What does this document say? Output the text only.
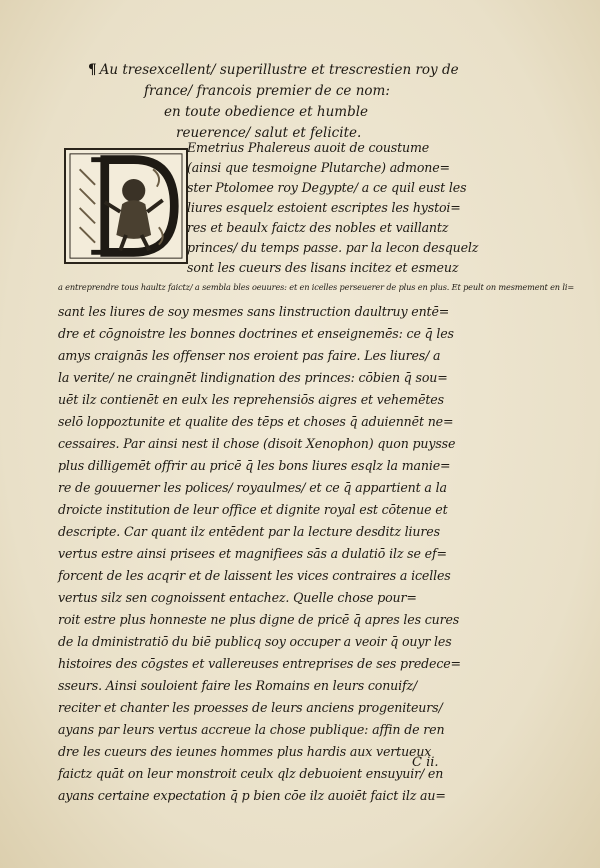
¶ Au tresexcellent/ superillustre et trescrestien roy de
france/ francois premier de ce nom:
en toute obedience et humble
reuerence/ salut et felicite.
Emetrius Phalereus auoit de coustume
(ainsi que tesmoigne Plutarche) admone=
ster Ptolomee roy Degypte/ a ce quil eust les
liures esquelz estoient escriptes les hystoi=
res et beaulx faictz des nobles et vaillantz
princes/ du temps passe. par la lecon desquelz
sont les cueurs des lisans incitez et esmeuz
a entreprendre tous haultz faictz/ a sembla bles oeuures: et en icelles perseuerer de plus en plus. Et peult on mesmement en li=
sant les liures de soy mesmes sans linstruction daultruy entē=
dre et cōgnoistre les bonnes doctrines et enseignemēs: ce q̄ les
amys craignās les offenser nos eroient pas faire. Les liures/ a
la verite/ ne craingnēt lindignation des princes: cōbien q̄ sou=
uēt ilz contienēt en eulx les reprehensiōs aigres et vehemētes
selō loppoztunite et qualite des tēps et choses q̄ aduiennēt ne=
cessaires. Par ainsi nest il chose (disoit Xenophon) quon puysse
plus dilligemēt offrir au pricē q̄ les bons liures esqlz la manie=
re de gouuerner les polices/ royaulmes/ et ce q̄ appartient a la
droicte institution de leur office et dignite royal est cōtenue et
descripte. Car quant ilz entēdent par la lecture desditz liures
vertus estre ainsi prisees et magnifiees sās a dulatiō ilz se ef=
forcent de les acqrir et de laissent les vices contraires a icelles
vertus silz sen cognoissent entachez. Quelle chose pour=
roit estre plus honneste ne plus digne de pricē q̄ apres les cures
de la dministratiō du biē publicq soy occuper a veoir q̄ ouyr les
histoires des cōgstes et vallereuses entreprises de ses predece=
sseurs. Ainsi souloient faire les Romains en leurs conuifz/
reciter et chanter les proesses de leurs anciens progeniteurs/
ayans par leurs vertus accreue la chose publique: affin de ren
dre les cueurs des ieunes hommes plus hardis aux vertueux
faictz quāt on leur monstroit ceulx qlz debuoient ensuyuir/ en
ayans certaine expectation q̄ p bien cōe ilz auoiēt faict ilz au=
C ii.
